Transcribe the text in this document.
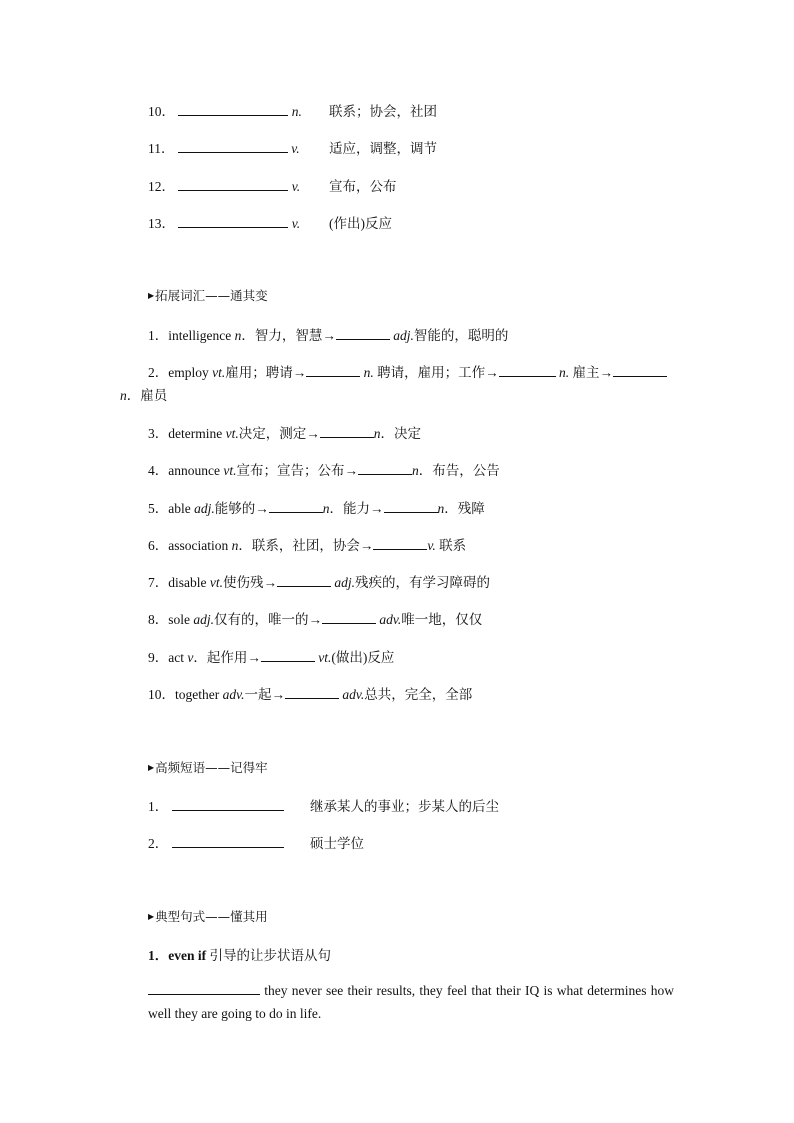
10．	n. 联系；协会，社团
11．	v. 适应，调整，调节
12．	v. 宣布，公布
13．	v. (作出)反应
▶拓展词汇——通其变
1．intelligence n．智力，智慧→	adj.智能的，聪明的
2．employ vt.雇用；聘请→	n. 聘请，雇用；工作→	n. 雇主→
n．雇员
3．determine vt.决定，测定→	n．决定
4．announce vt.宣布；宣告；公布→	n．布告，公告
5．able adj.能够的→	n．能力→	n．残障
6．association n．联系，社团，协会→	v. 联系
7．disable vt.使伤残→	adj.残疾的，有学习障碍的
8．sole adj.仅有的，唯一的→	adv.唯一地，仅仅
9．act v．起作用→	vt.(做出)反应
10．together adv.一起→	adv.总共，完全，全部
▶高频短语——记得牢
1．	继承某人的事业；步某人的后尘
2．	硕士学位
▶典型句式——懂其用
1．even if 引导的让步状语从句
they never see their results, they feel that their IQ is what determines how well they are going to do in life.
